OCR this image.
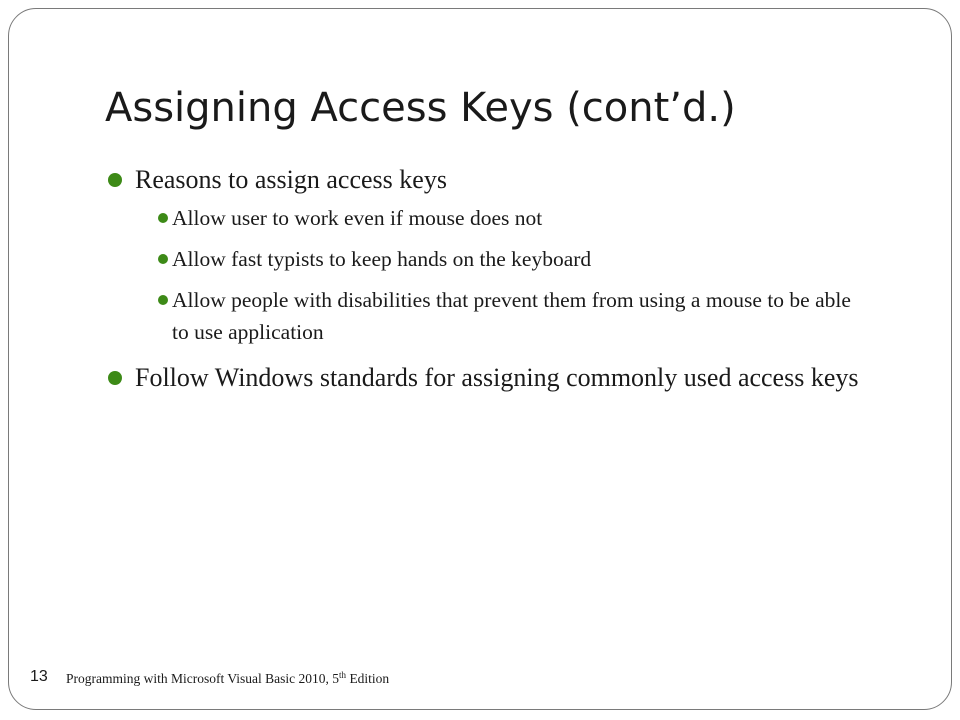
Assigning Access Keys (cont’d.)
Reasons to assign access keys
Allow user to work even if mouse does not
Allow fast typists to keep hands on the keyboard
Allow people with disabilities that prevent them from using a mouse to be able to use application
Follow Windows standards for assigning commonly used access keys
13 Programming with Microsoft Visual Basic 2010, 5th Edition
